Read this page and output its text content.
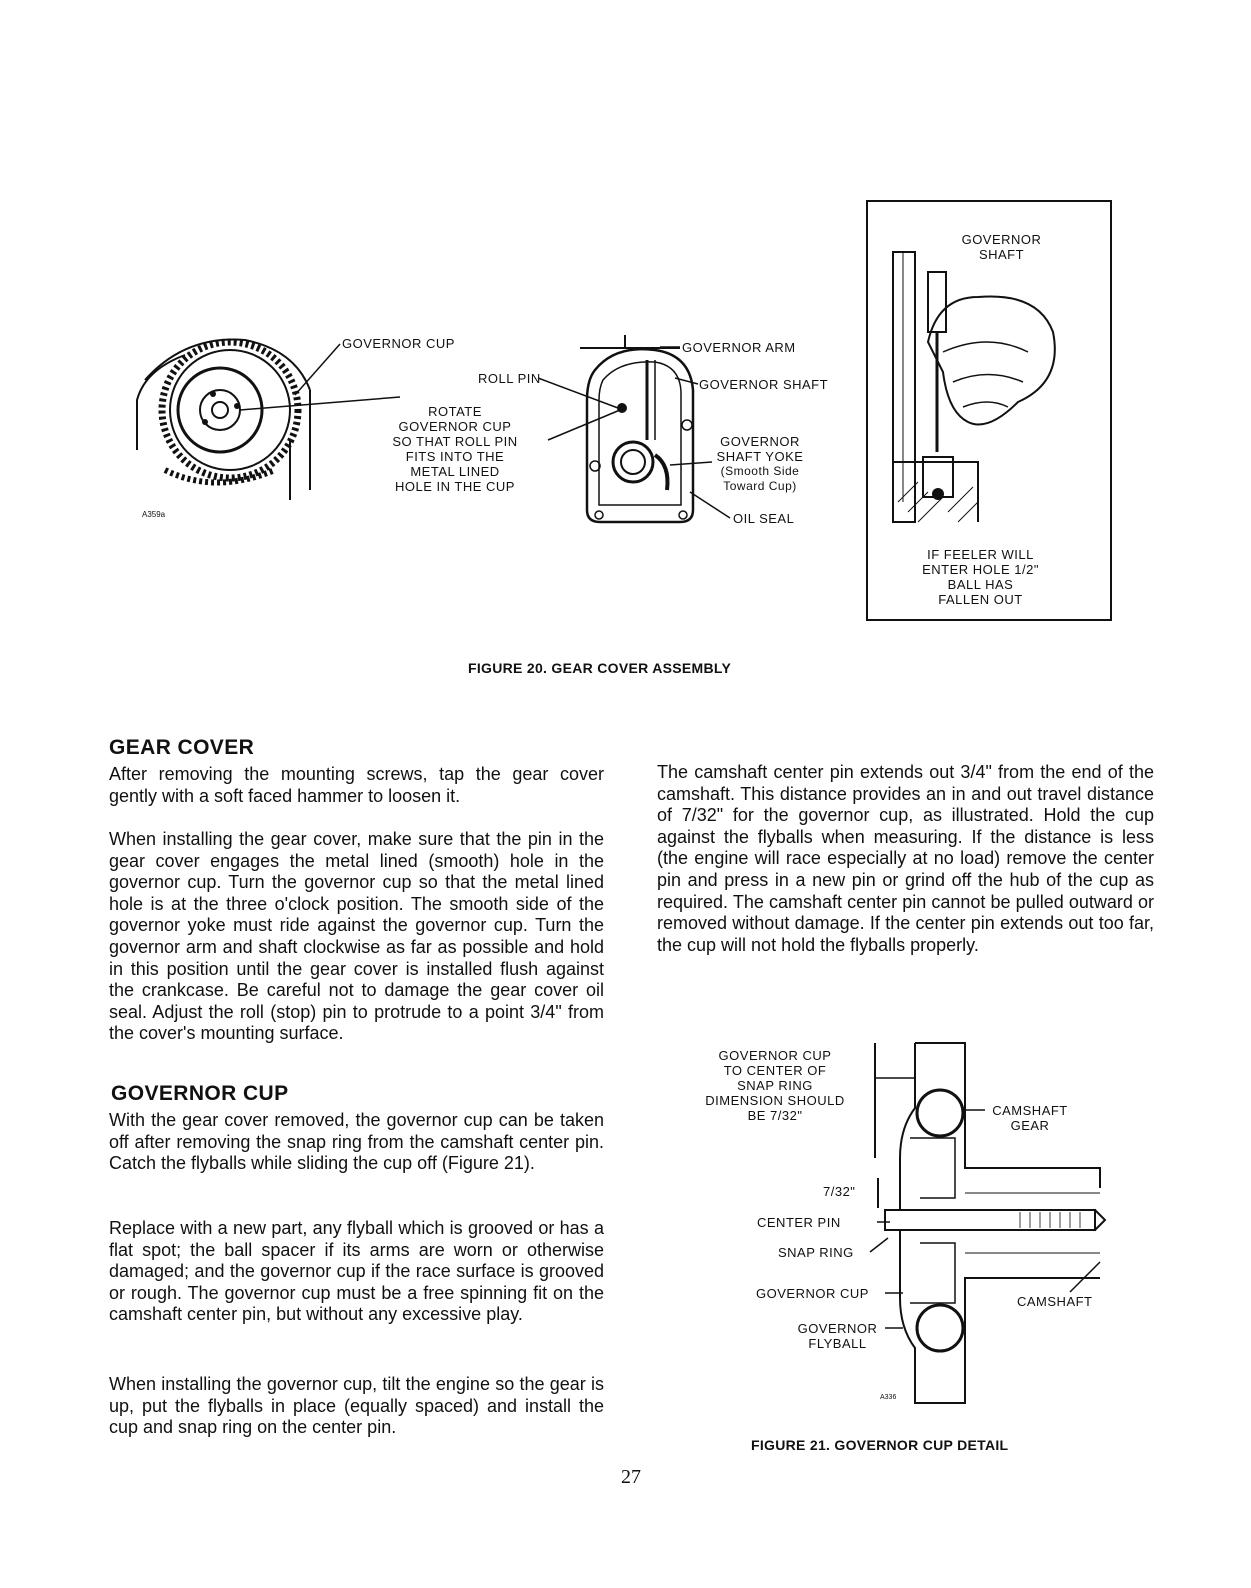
GOVERNOR CUP
ROLL PIN
ROTATE
GOVERNOR CUP
SO THAT ROLL PIN
FITS INTO THE
METAL LINED
HOLE IN THE CUP
A359a
GOVERNOR ARM
GOVERNOR SHAFT
GOVERNOR
SHAFT YOKE
(Smooth Side
Toward Cup)
OIL SEAL
GOVERNOR
SHAFT
IF FEELER WILL
ENTER HOLE 1/2"
BALL HAS
FALLEN OUT
FIGURE 20. GEAR COVER ASSEMBLY
GEAR COVER

After removing the mounting screws, tap the gear cover gently with a soft faced hammer to loosen it.

When installing the gear cover, make sure that the pin in the gear cover engages the metal lined (smooth) hole in the governor cup. Turn the governor cup so that the metal lined hole is at the three o'clock position. The smooth side of the governor yoke must ride against the governor cup. Turn the governor arm and shaft clockwise as far as possible and hold in this position until the gear cover is installed flush against the crankcase. Be careful not to damage the gear cover oil seal. Adjust the roll (stop) pin to protrude to a point 3/4" from the cover's mounting surface.

GOVERNOR CUP

With the gear cover removed, the governor cup can be taken off after removing the snap ring from the camshaft center pin. Catch the flyballs while sliding the cup off (Figure 21).

Replace with a new part, any flyball which is grooved or has a flat spot; the ball spacer if its arms are worn or otherwise damaged; and the governor cup if the race surface is grooved or rough. The governor cup must be a free spinning fit on the camshaft center pin, but without any excessive play.

When installing the governor cup, tilt the engine so the gear is up, put the flyballs in place (equally spaced) and install the cup and snap ring on the center pin.

The camshaft center pin extends out 3/4" from the end of the camshaft. This distance provides an in and out travel distance of 7/32" for the governor cup, as illustrated. Hold the cup against the flyballs when measuring. If the distance is less (the engine will race especially at no load) remove the center pin and press in a new pin or grind off the hub of the cup as required. The camshaft center pin cannot be pulled outward or removed without damage. If the center pin extends out too far, the cup will not hold the flyballs properly.

GOVERNOR CUP
TO CENTER OF
SNAP RING
DIMENSION SHOULD
BE 7/32"	CAMSHAFT
GEAR
7/32"
CENTER PIN
SNAP RING
GOVERNOR CUP
GOVERNOR
FLYBALL
CAMSHAFT
A336
FIGURE 21. GOVERNOR CUP DETAIL
27
